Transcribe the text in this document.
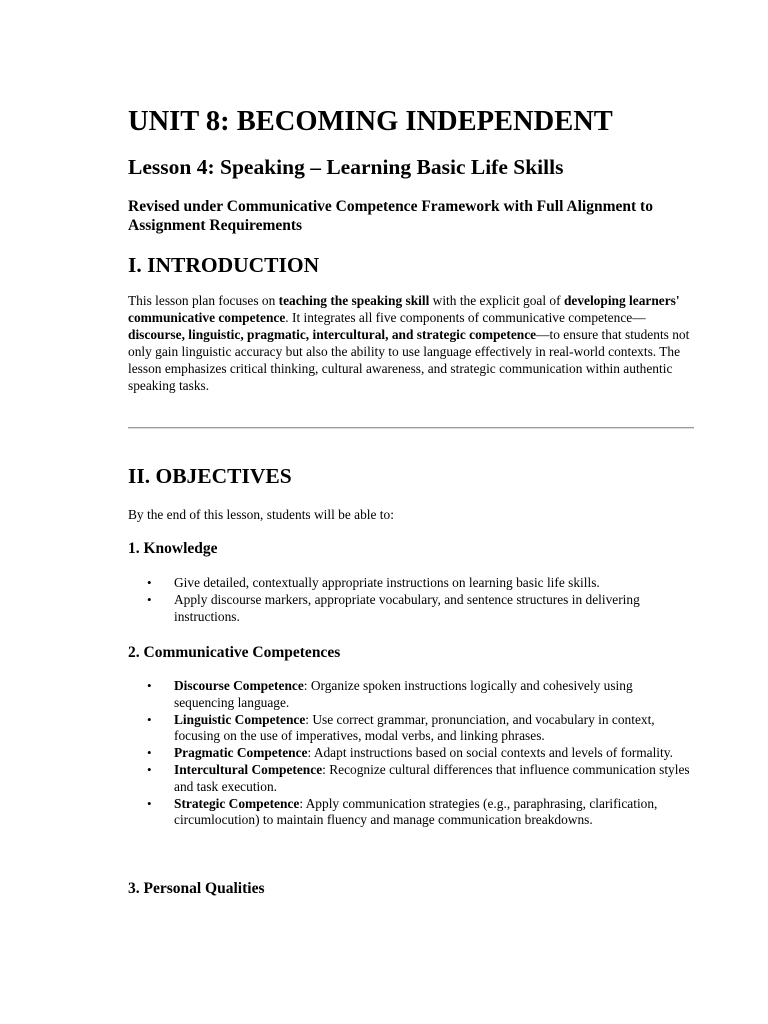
UNIT 8: BECOMING INDEPENDENT
Lesson 4: Speaking – Learning Basic Life Skills

Revised under Communicative Competence Framework with Full Alignment to Assignment Requirements

I. INTRODUCTION

This lesson plan focuses on teaching the speaking skill with the explicit goal of developing learners' communicative competence. It integrates all five components of communicative competence—discourse, linguistic, pragmatic, intercultural, and strategic competence—to ensure that students not only gain linguistic accuracy but also the ability to use language effectively in real-world contexts. The lesson emphasizes critical thinking, cultural awareness, and strategic communication within authentic speaking tasks.

II. OBJECTIVES

By the end of this lesson, students will be able to:

1. Knowledge
• Give detailed, contextually appropriate instructions on learning basic life skills.
• Apply discourse markers, appropriate vocabulary, and sentence structures in delivering instructions.
2. Communicative Competences
• Discourse Competence: Organize spoken instructions logically and cohesively using sequencing language.
• Linguistic Competence: Use correct grammar, pronunciation, and vocabulary in context, focusing on the use of imperatives, modal verbs, and linking phrases.
• Pragmatic Competence: Adapt instructions based on social contexts and levels of formality.
• Intercultural Competence: Recognize cultural differences that influence communication styles and task execution.
• Strategic Competence: Apply communication strategies (e.g., paraphrasing, clarification, circumlocution) to maintain fluency and manage communication breakdowns.
3. Personal Qualities
